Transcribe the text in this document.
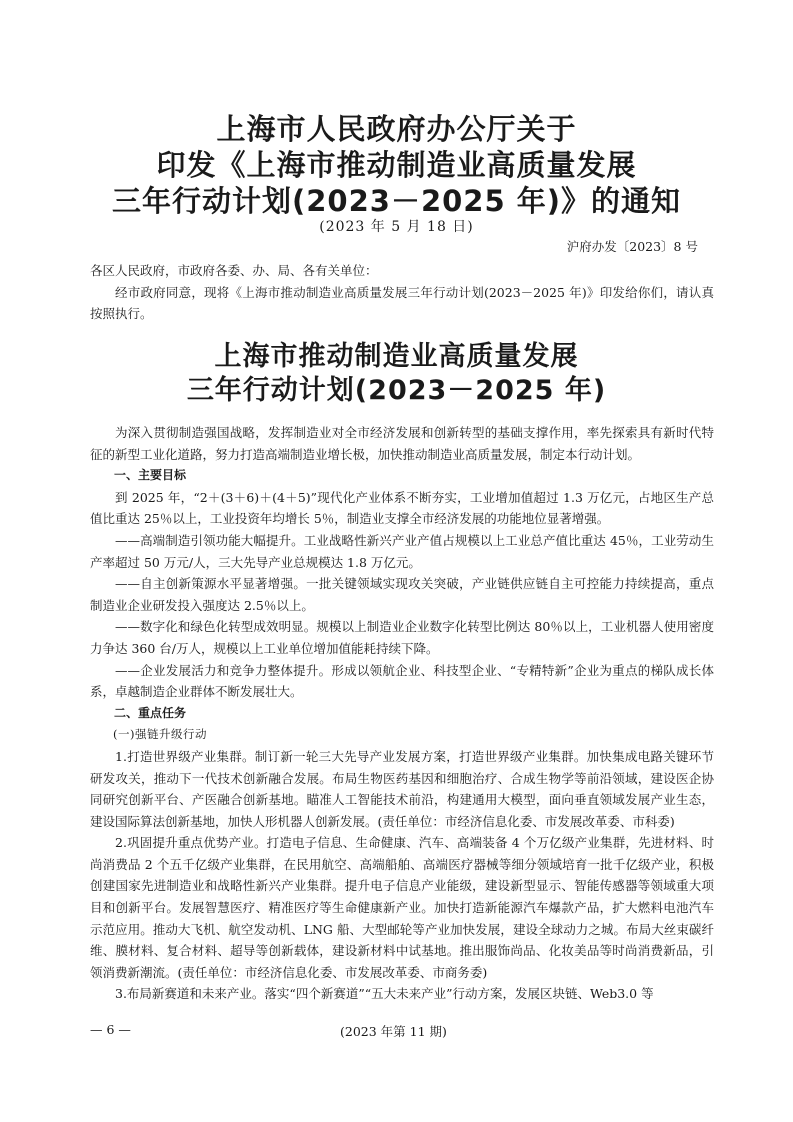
上海市人民政府办公厅关于
印发《上海市推动制造业高质量发展
三年行动计划(2023－2025 年)》的通知
(2023 年 5 月 18 日)
沪府办发〔2023〕8 号

各区人民政府，市政府各委、办、局、各有关单位：

经市政府同意，现将《上海市推动制造业高质量发展三年行动计划(2023－2025 年)》印发给你们，请认真按照执行。

上海市推动制造业高质量发展
三年行动计划(2023－2025 年)

为深入贯彻制造强国战略，发挥制造业对全市经济发展和创新转型的基础支撑作用，率先探索具有新时代特征的新型工业化道路，努力打造高端制造业增长极，加快推动制造业高质量发展，制定本行动计划。

一、主要目标

到 2025 年，“2＋(3＋6)＋(4＋5)”现代化产业体系不断夯实，工业增加值超过 1.3 万亿元，占地区生产总值比重达 25％以上，工业投资年均增长 5％，制造业支撑全市经济发展的功能地位显著增强。

——高端制造引领功能大幅提升。工业战略性新兴产业产值占规模以上工业总产值比重达 45％，工业劳动生产率超过 50 万元/人，三大先导产业总规模达 1.8 万亿元。

——自主创新策源水平显著增强。一批关键领域实现攻关突破，产业链供应链自主可控能力持续提高，重点制造业企业研发投入强度达 2.5％以上。

——数字化和绿色化转型成效明显。规模以上制造业企业数字化转型比例达 80％以上，工业机器人使用密度力争达 360 台/万人，规模以上工业单位增加值能耗持续下降。

——企业发展活力和竞争力整体提升。形成以领航企业、科技型企业、“专精特新”企业为重点的梯队成长体系，卓越制造企业群体不断发展壮大。

二、重点任务

(一)强链升级行动

1.打造世界级产业集群。制订新一轮三大先导产业发展方案，打造世界级产业集群。加快集成电路关键环节研发攻关，推动下一代技术创新融合发展。布局生物医药基因和细胞治疗、合成生物学等前沿领域，建设医企协同研究创新平台、产医融合创新基地。瞄准人工智能技术前沿，构建通用大模型，面向垂直领域发展产业生态，建设国际算法创新基地，加快人形机器人创新发展。(责任单位：市经济信息化委、市发展改革委、市科委)

2.巩固提升重点优势产业。打造电子信息、生命健康、汽车、高端装备 4 个万亿级产业集群，先进材料、时尚消费品 2 个五千亿级产业集群，在民用航空、高端船舶、高端医疗器械等细分领域培育一批千亿级产业，积极创建国家先进制造业和战略性新兴产业集群。提升电子信息产业能级，建设新型显示、智能传感器等领域重大项目和创新平台。发展智慧医疗、精准医疗等生命健康新产业。加快打造新能源汽车爆款产品，扩大燃料电池汽车示范应用。推动大飞机、航空发动机、LNG 船、大型邮轮等产业加快发展，建设全球动力之城。布局大丝束碳纤维、膜材料、复合材料、超导等创新载体，建设新材料中试基地。推出服饰尚品、化妆美品等时尚消费新品，引领消费新潮流。(责任单位：市经济信息化委、市发展改革委、市商务委)

3.布局新赛道和未来产业。落实“四个新赛道”“五大未来产业”行动方案，发展区块链、Web3.0 等

— 6 —	(2023 年第 11 期)
